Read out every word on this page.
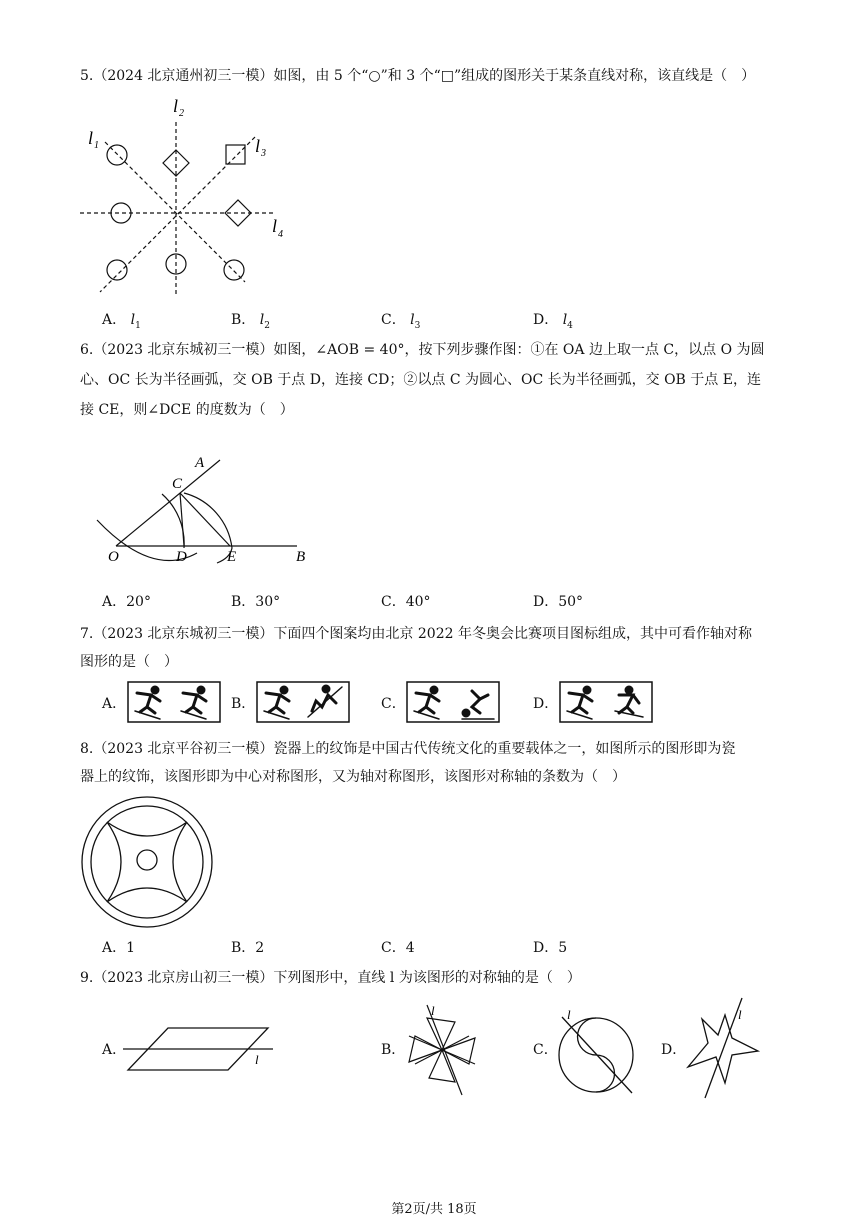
5.（2024 北京通州初三一模）如图，由 5 个“○”和 3 个“□”组成的图形关于某条直线对称，该直线是（　）
l 1
l 2
l 3
l 4
A． $l_1$	B． $l_2$	C． $l_3$	D． $l_4$
6.（2023 北京东城初三一模）如图，∠AOB = 40°，按下列步骤作图：①在 OA 边上取一点 C，以点 O 为圆
心、OC 长为半径画弧，交 OB 于点 D，连接 CD；②以点 C 为圆心、OC 长为半径画弧，交 OB 于点 E，连
接 CE，则∠DCE 的度数为（　）
A
C
O	D	E	B
A．20°	B．30°	C．40°	D．50°
7.（2023 北京东城初三一模）下面四个图案均由北京 2022 年冬奥会比赛项目图标组成，其中可看作轴对称
图形的是（　）
A．	B．	C．	D．
8.（2023 北京平谷初三一模）瓷器上的纹饰是中国古代传统文化的重要载体之一，如图所示的图形即为瓷
器上的纹饰，该图形即为中心对称图形，又为轴对称图形，该图形对称轴的条数为（　）
A．1	B．2	C．4	D．5
9.（2023 北京房山初三一模）下列图形中，直线 l 为该图形的对称轴的是（　）
A．
l
B．
l
C．
l
D．
l
第2页/共 18页
